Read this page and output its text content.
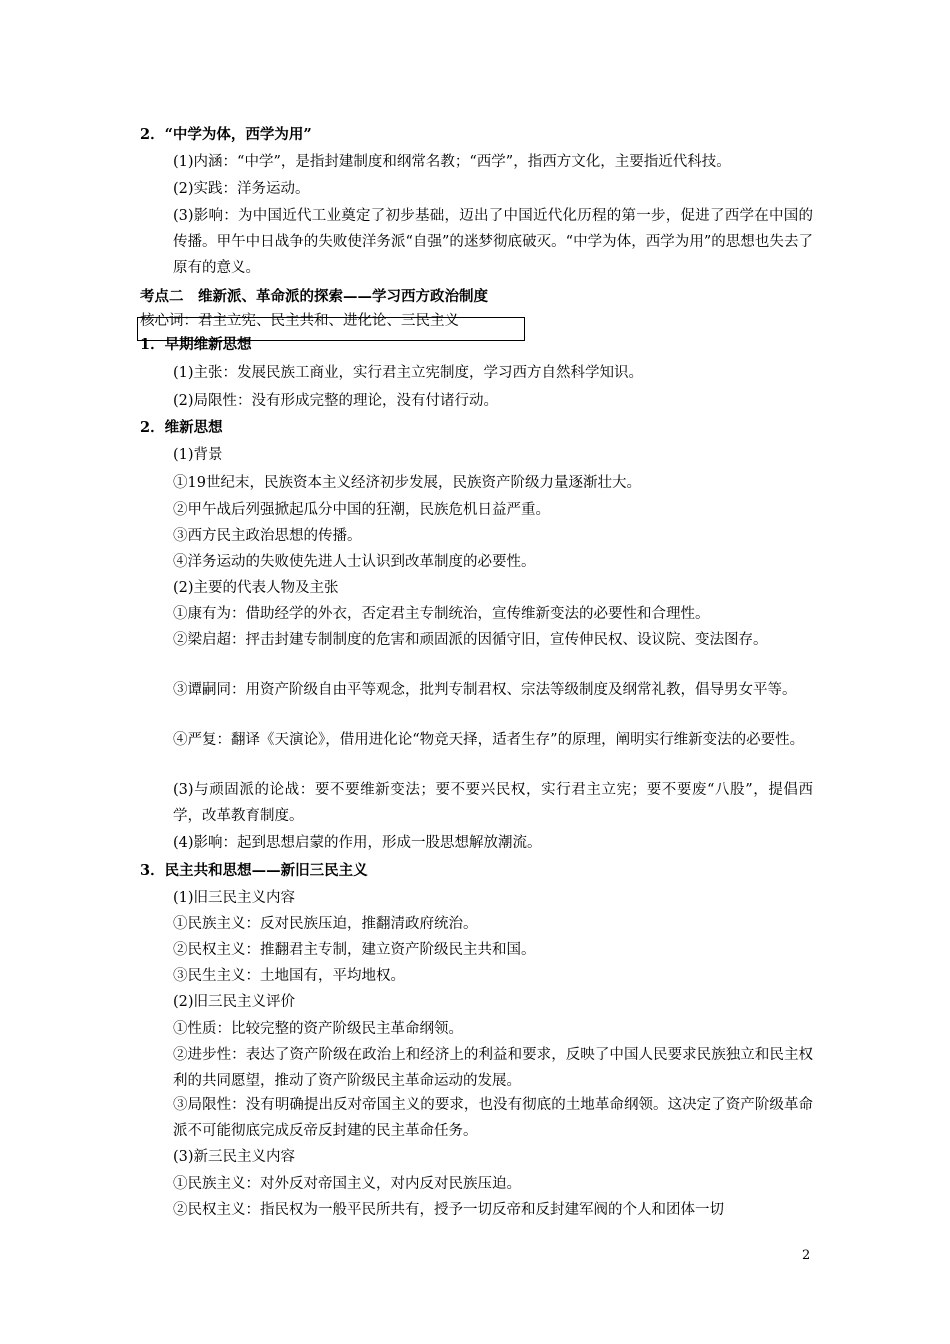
2．“中学为体，西学为用”
(1)内涵：“中学”，是指封建制度和纲常名教；“西学”，指西方文化，主要指近代科技。
(2)实践：洋务运动。
(3)影响：为中国近代工业奠定了初步基础，迈出了中国近代化历程的第一步，促进了西学在中国的传播。甲午中日战争的失败使洋务派“自强”的迷梦彻底破灭。“中学为体，西学为用”的思想也失去了原有的意义。
考点二　维新派、革命派的探索——学习西方政治制度
核心词：君主立宪、民主共和、进化论、三民主义
1．早期维新思想
(1)主张：发展民族工商业，实行君主立宪制度，学习西方自然科学知识。
(2)局限性：没有形成完整的理论，没有付诸行动。
2．维新思想
(1)背景
①19世纪末，民族资本主义经济初步发展，民族资产阶级力量逐渐壮大。
②甲午战后列强掀起瓜分中国的狂潮，民族危机日益严重。
③西方民主政治思想的传播。
④洋务运动的失败使先进人士认识到改革制度的必要性。
(2)主要的代表人物及主张
①康有为：借助经学的外衣，否定君主专制统治，宣传维新变法的必要性和合理性。
②梁启超：抨击封建专制制度的危害和顽固派的因循守旧，宣传伸民权、设议院、变法图存。
③谭嗣同：用资产阶级自由平等观念，批判专制君权、宗法等级制度及纲常礼教，倡导男女平等。
④严复：翻译《天演论》，借用进化论“物竞天择，适者生存”的原理，阐明实行维新变法的必要性。
(3)与顽固派的论战：要不要维新变法；要不要兴民权，实行君主立宪；要不要废“八股”，提倡西学，改革教育制度。
(4)影响：起到思想启蒙的作用，形成一股思想解放潮流。
3．民主共和思想——新旧三民主义
(1)旧三民主义内容
①民族主义：反对民族压迫，推翻清政府统治。
②民权主义：推翻君主专制，建立资产阶级民主共和国。
③民生主义：土地国有，平均地权。
(2)旧三民主义评价
①性质：比较完整的资产阶级民主革命纲领。
②进步性：表达了资产阶级在政治上和经济上的利益和要求，反映了中国人民要求民族独立和民主权利的共同愿望，推动了资产阶级民主革命运动的发展。
③局限性：没有明确提出反对帝国主义的要求，也没有彻底的土地革命纲领。这决定了资产阶级革命派不可能彻底完成反帝反封建的民主革命任务。
(3)新三民主义内容
①民族主义：对外反对帝国主义，对内反对民族压迫。
②民权主义：指民权为一般平民所共有，授予一切反帝和反封建军阀的个人和团体一切
2
